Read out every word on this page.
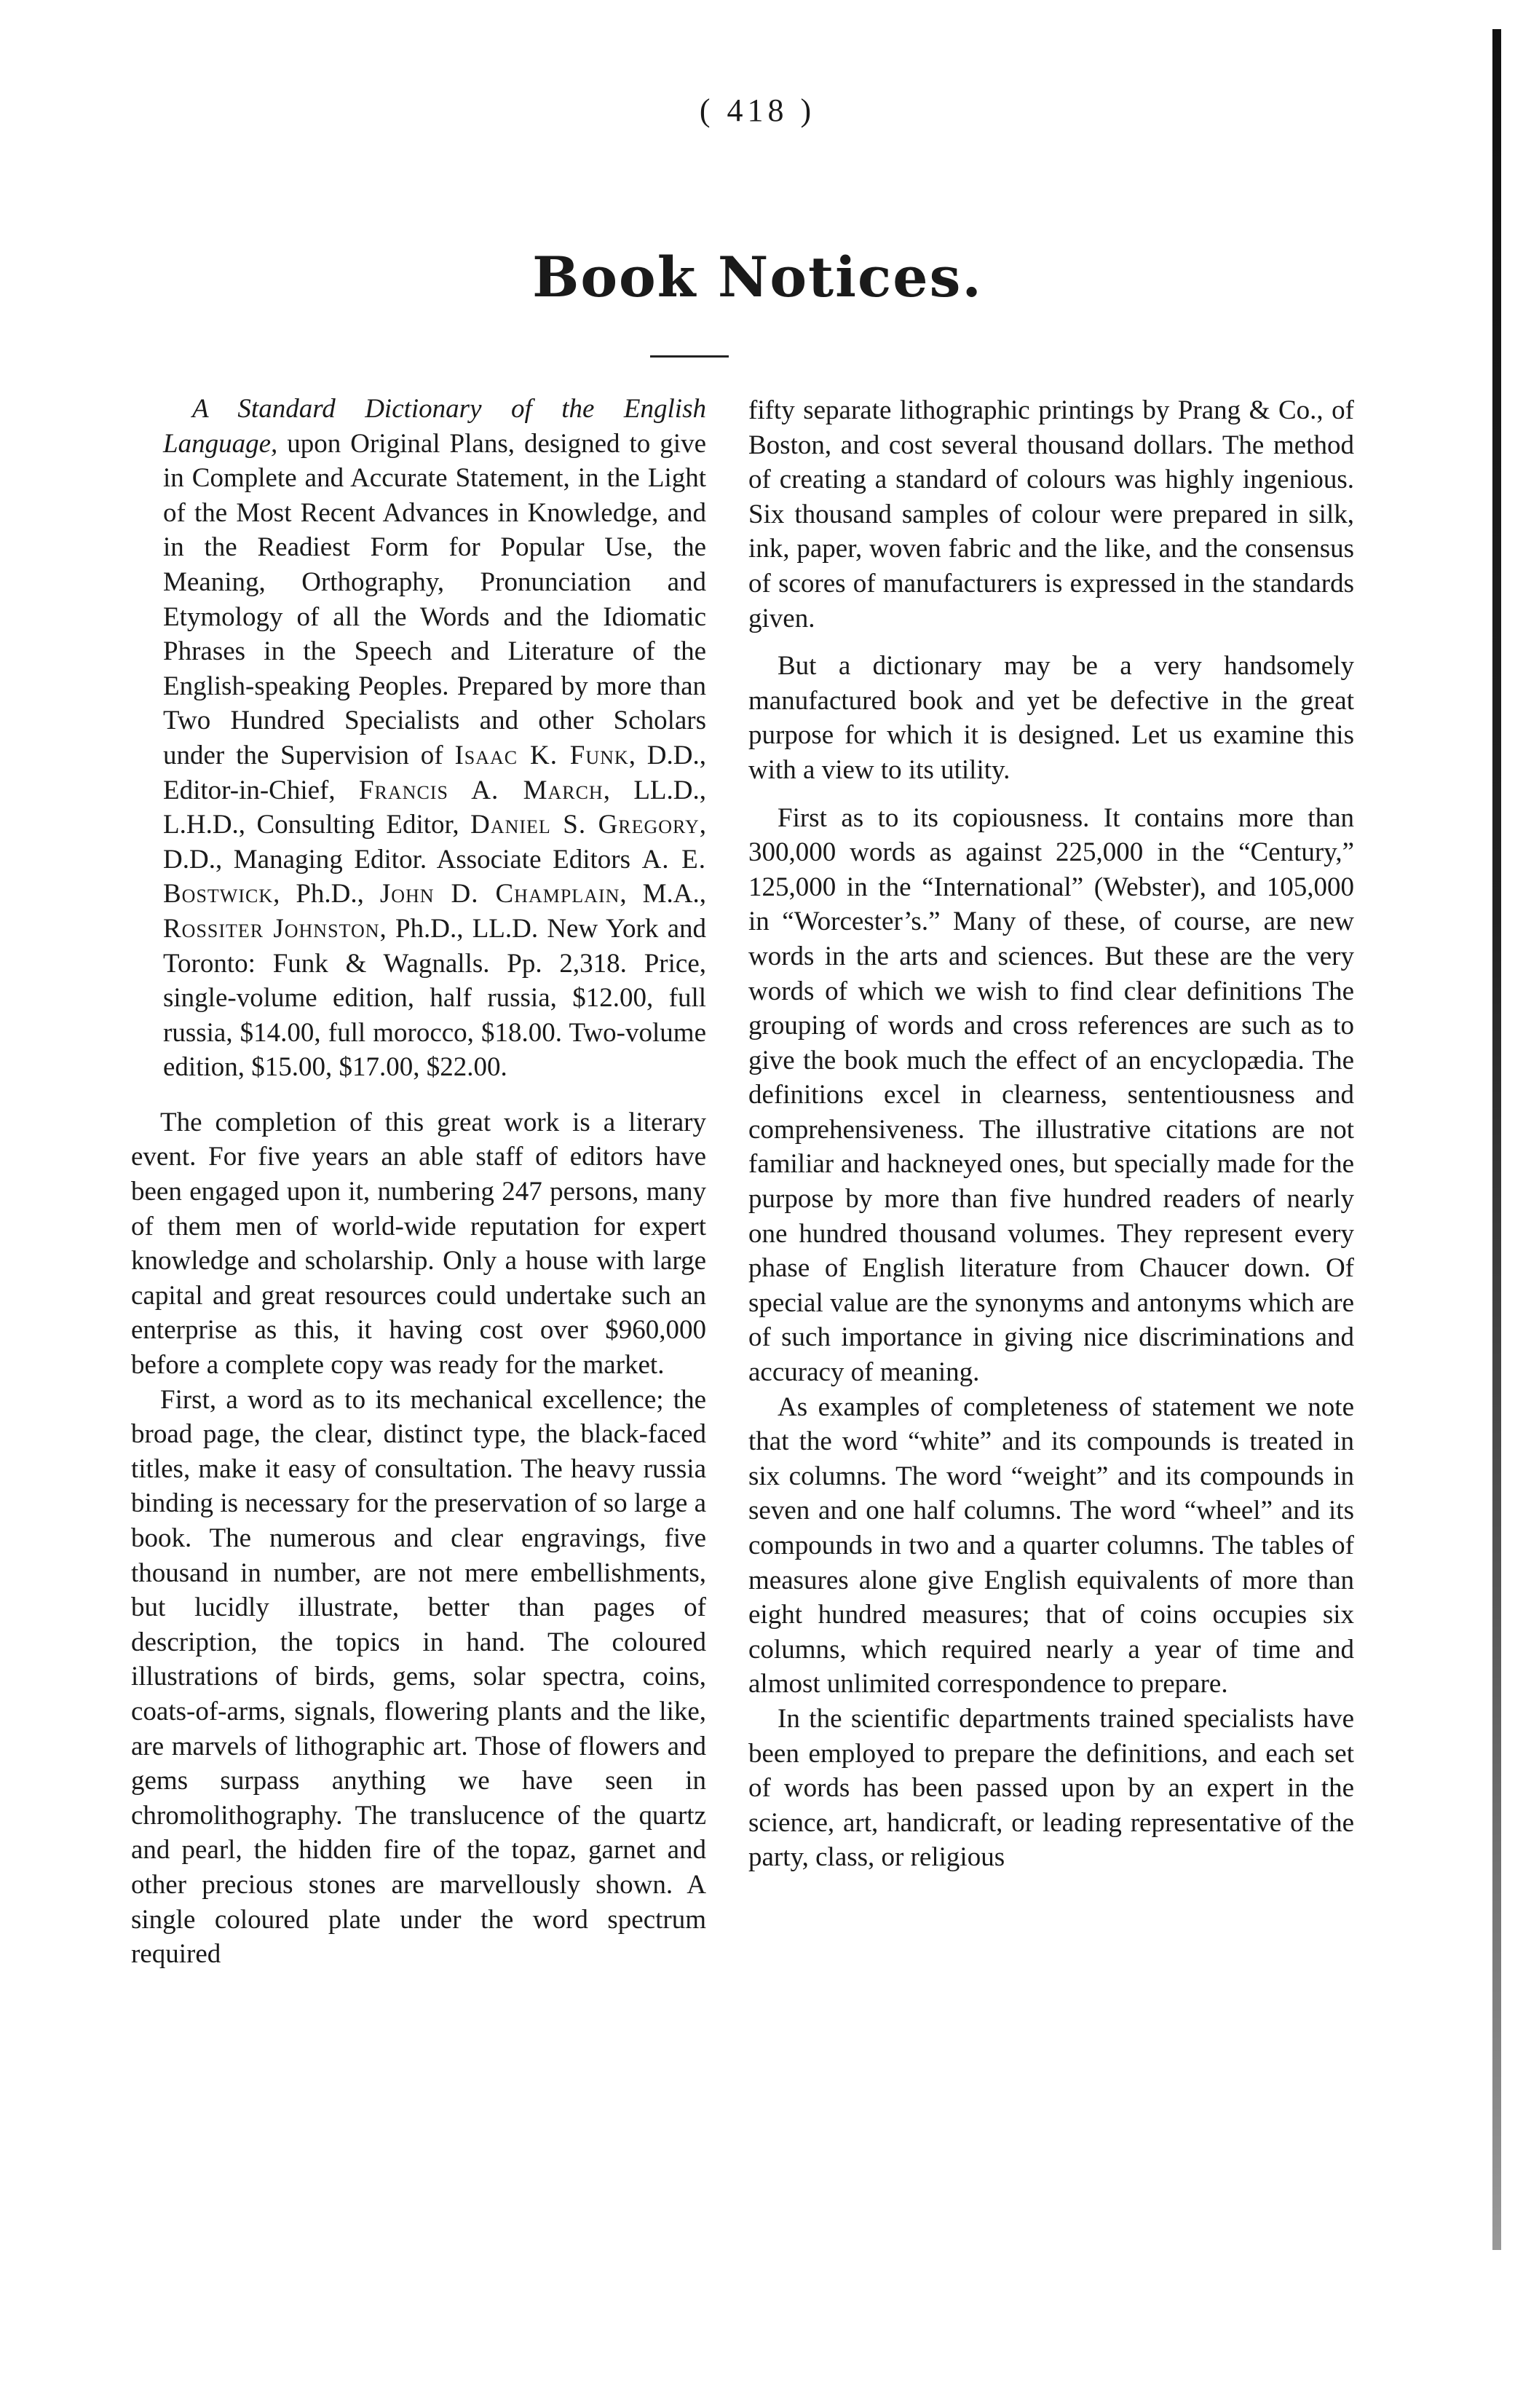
( 418 )

Book Notices.

A Standard Dictionary of the English Language, upon Original Plans, designed to give in Complete and Accurate Statement, in the Light of the Most Recent Advances in Knowledge, and in the Readiest Form for Popular Use, the Meaning, Orthography, Pronunciation and Etymology of all the Words and the Idiomatic Phrases in the Speech and Literature of the English-speaking Peoples. Prepared by more than Two Hundred Specialists and other Scholars under the Supervision of Isaac K. Funk, D.D., Editor-in-Chief, Francis A. March, LL.D., L.H.D., Consulting Editor, Daniel S. Gregory, D.D., Managing Editor. Associate Editors A. E. Bostwick, Ph.D., John D. Champlain, M.A., Rossiter Johnston, Ph.D., LL.D. New York and Toronto: Funk & Wagnalls. Pp. 2,318. Price, single-volume edition, half russia, $12.00, full russia, $14.00, full morocco, $18.00. Two-volume edition, $15.00, $17.00, $22.00.

The completion of this great work is a literary event. For five years an able staff of editors have been engaged upon it, numbering 247 persons, many of them men of world-wide reputation for expert knowledge and scholarship. Only a house with large capital and great resources could undertake such an enterprise as this, it having cost over $960,000 before a complete copy was ready for the market.

First, a word as to its mechanical excellence; the broad page, the clear, distinct type, the black-faced titles, make it easy of consultation. The heavy russia binding is necessary for the preservation of so large a book. The numerous and clear engravings, five thousand in number, are not mere embellishments, but lucidly illustrate, better than pages of description, the topics in hand. The coloured illustrations of birds, gems, solar spectra, coins, coats-of-arms, signals, flowering plants and the like, are marvels of lithographic art. Those of flowers and gems surpass anything we have seen in chromolithography. The translucence of the quartz and pearl, the hidden fire of the topaz, garnet and other precious stones are marvellously shown. A single coloured plate under the word spectrum required

fifty separate lithographic printings by Prang & Co., of Boston, and cost several thousand dollars. The method of creating a standard of colours was highly ingenious. Six thousand samples of colour were prepared in silk, ink, paper, woven fabric and the like, and the consensus of scores of manufacturers is expressed in the standards given.

But a dictionary may be a very handsomely manufactured book and yet be defective in the great purpose for which it is designed. Let us examine this with a view to its utility.

First as to its copiousness. It contains more than 300,000 words as against 225,000 in the “Century,” 125,000 in the “International” (Webster), and 105,000 in “Worcester’s.” Many of these, of course, are new words in the arts and sciences. But these are the very words of which we wish to find clear definitions The grouping of words and cross references are such as to give the book much the effect of an encyclopædia. The definitions excel in clearness, sententiousness and comprehensiveness. The illustrative citations are not familiar and hackneyed ones, but specially made for the purpose by more than five hundred readers of nearly one hundred thousand volumes. They represent every phase of English literature from Chaucer down. Of special value are the synonyms and antonyms which are of such importance in giving nice discriminations and accuracy of meaning.

As examples of completeness of statement we note that the word “white” and its compounds is treated in six columns. The word “weight” and its compounds in seven and one half columns. The word “wheel” and its compounds in two and a quarter columns. The tables of measures alone give English equivalents of more than eight hundred measures; that of coins occupies six columns, which required nearly a year of time and almost unlimited correspondence to prepare.

In the scientific departments trained specialists have been employed to prepare the definitions, and each set of words has been passed upon by an expert in the science, art, handicraft, or leading representative of the party, class, or religious
